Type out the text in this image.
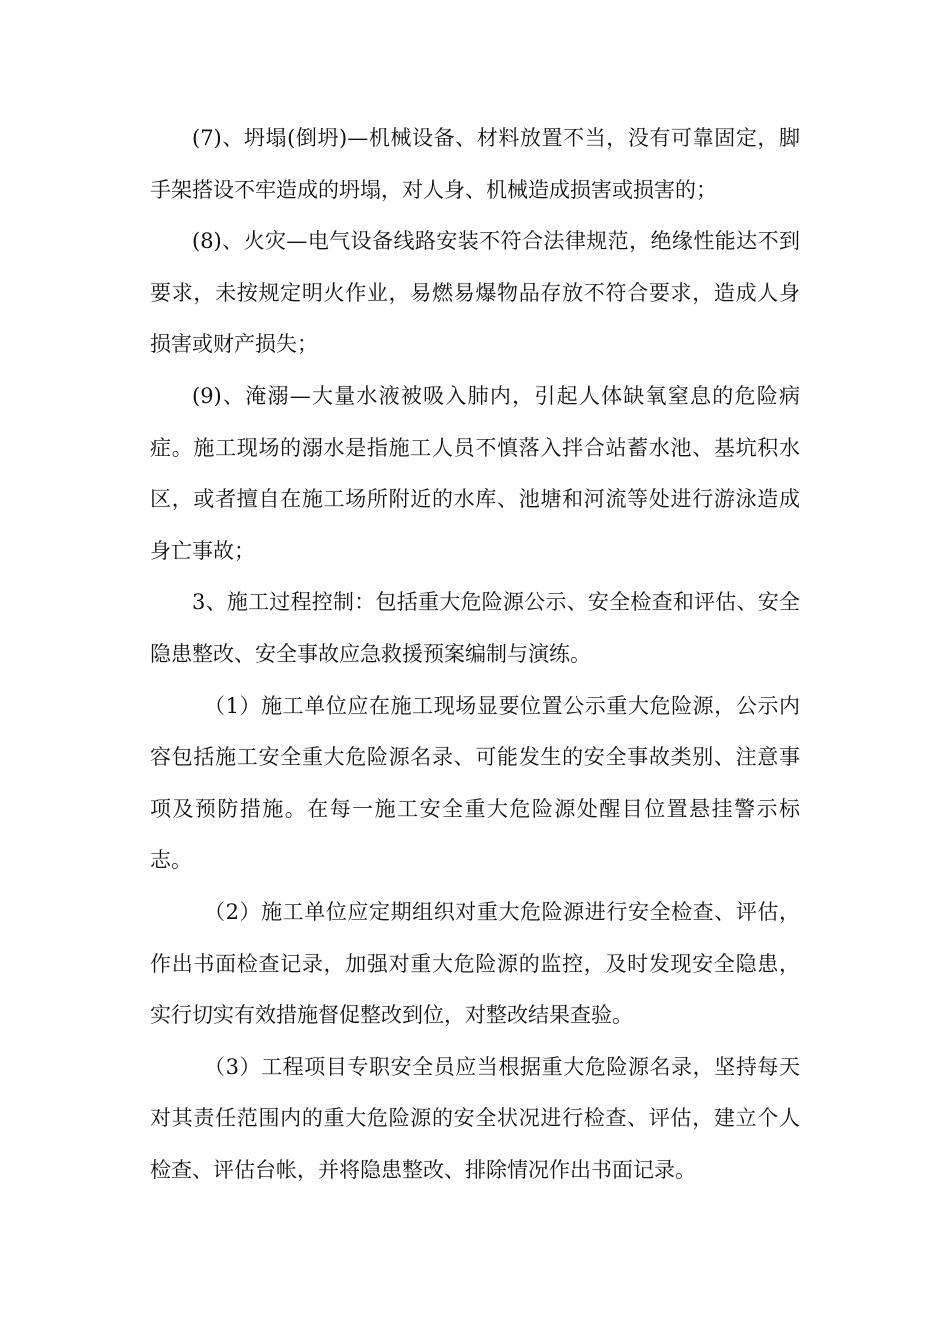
(7)、坍塌(倒坍)—机械设备、材料放置不当，没有可靠固定，脚手架搭设不牢造成的坍塌，对人身、机械造成损害或损害的；

(8)、火灾—电气设备线路安装不符合法律规范，绝缘性能达不到要求，未按规定明火作业，易燃易爆物品存放不符合要求，造成人身损害或财产损失；

(9)、淹溺—大量水液被吸入肺内，引起人体缺氧窒息的危险病症。施工现场的溺水是指施工人员不慎落入拌合站蓄水池、基坑积水区，或者擅自在施工场所附近的水库、池塘和河流等处进行游泳造成身亡事故；

3、施工过程控制：包括重大危险源公示、安全检查和评估、安全隐患整改、安全事故应急救援预案编制与演练。

（1）施工单位应在施工现场显要位置公示重大危险源，公示内容包括施工安全重大危险源名录、可能发生的安全事故类别、注意事项及预防措施。在每一施工安全重大危险源处醒目位置悬挂警示标志。

（2）施工单位应定期组织对重大危险源进行安全检查、评估，作出书面检查记录，加强对重大危险源的监控，及时发现安全隐患，实行切实有效措施督促整改到位，对整改结果查验。

（3）工程项目专职安全员应当根据重大危险源名录，坚持每天对其责任范围内的重大危险源的安全状况进行检查、评估，建立个人检查、评估台帐，并将隐患整改、排除情况作出书面记录。
